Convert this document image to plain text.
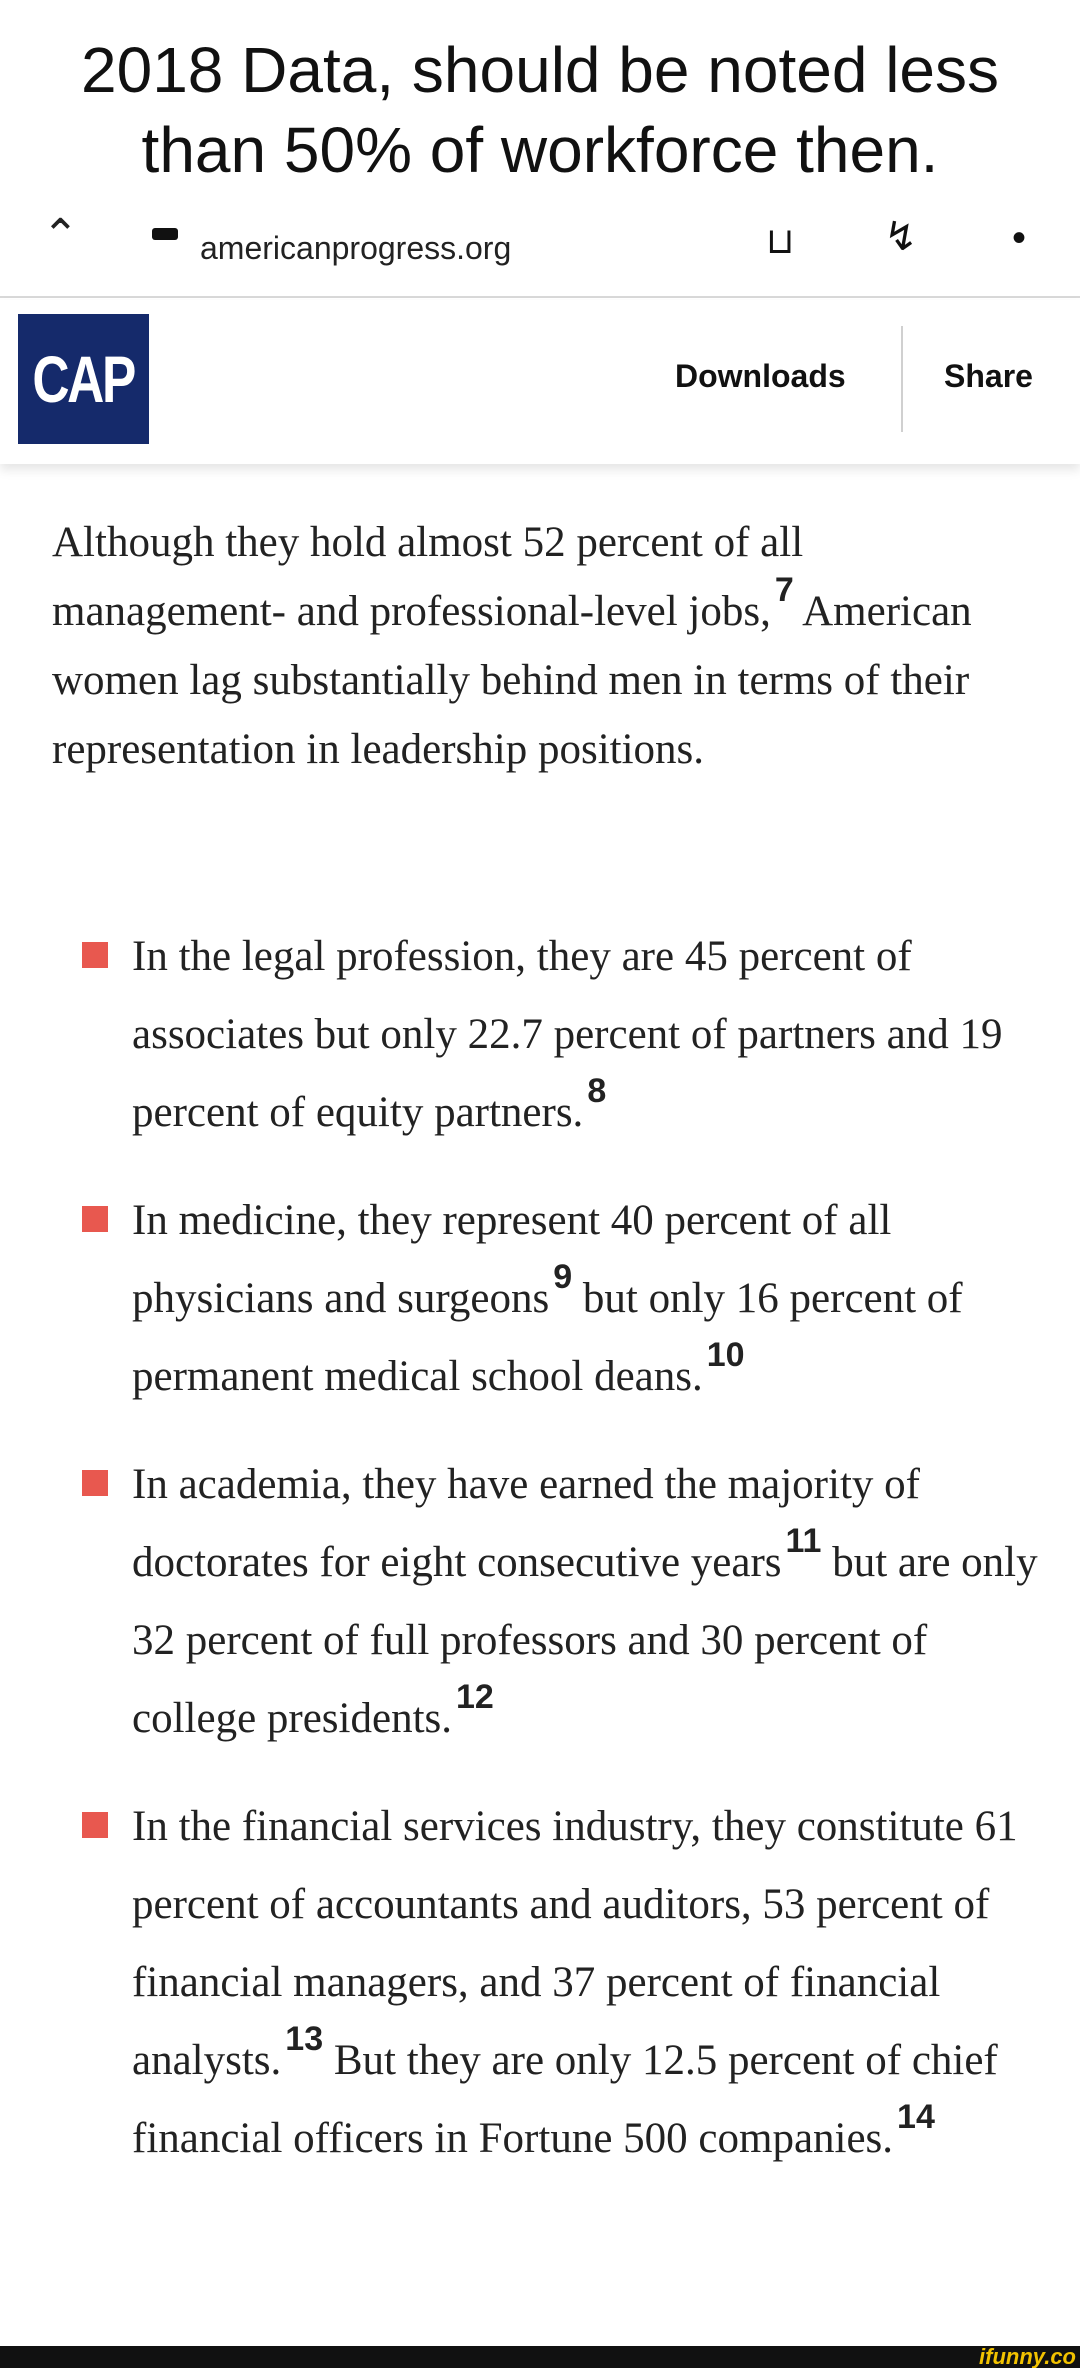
2018 Data, should be noted less
than 50% of workforce then.
⌃	americanprogress.org	⊔ ↯ •
CAP	Downloads	Share

Although they hold almost 52 percent of all management- and professional-level jobs, $^7$ American women lag substantially behind men in terms of their representation in leadership positions.

In the legal profession, they are 45 percent of associates but only 22.7 percent of partners and 19 percent of equity partners. $^8$
In medicine, they represent 40 percent of all physicians and surgeons $^9$ but only 16 percent of permanent medical school deans. $^{10}$
In academia, they have earned the majority of doctorates for eight consecutive years $^{11}$ but are only 32 percent of full professors and 30 percent of college presidents. $^{12}$
In the financial services industry, they constitute 61 percent of accountants and auditors, 53 percent of financial managers, and 37 percent of financial analysts. $^{13}$ But they are only 12.5 percent of chief financial officers in Fortune 500 companies. $^{14}$
ifunny.co
